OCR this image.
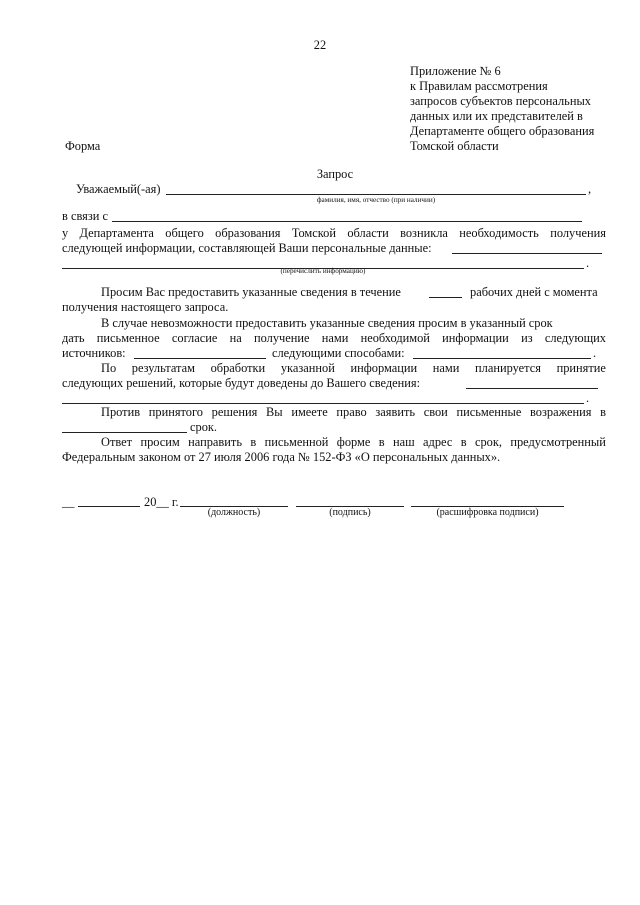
22
Приложение № 6
к Правилам рассмотрения
запросов субъектов персональных
данных или их представителей в
Департаменте общего образования
Томской области
Форма
Запрос
Уважаемый(-ая)	,
фамилия, имя, отчество (при наличии)
в связи с
у Департамента общего образования Томской области возникла необходимость получения
следующей информации, составляющей Ваши персональные данные:
.
(перечислить информацию)
Просим Вас предоставить указанные сведения в течение	рабочих дней с момента
получения настоящего запроса.
В случае невозможности предоставить указанные сведения просим в указанный срок
дать письменное согласие на получение нами необходимой информации из следующих
источников:	следующими способами:	.
По результатам обработки указанной информации нами планируется принятие
следующих решений, которые будут доведены до Вашего сведения:
.
Против принятого решения Вы имеете право заявить свои письменные возражения в
срок.
Ответ просим направить в письменной форме в наш адрес в срок, предусмотренный
Федеральным законом от 27 июля 2006 года № 152-ФЗ «О персональных данных».
__	20__ г.
(должность)	(подпись)	(расшифровка подписи)
